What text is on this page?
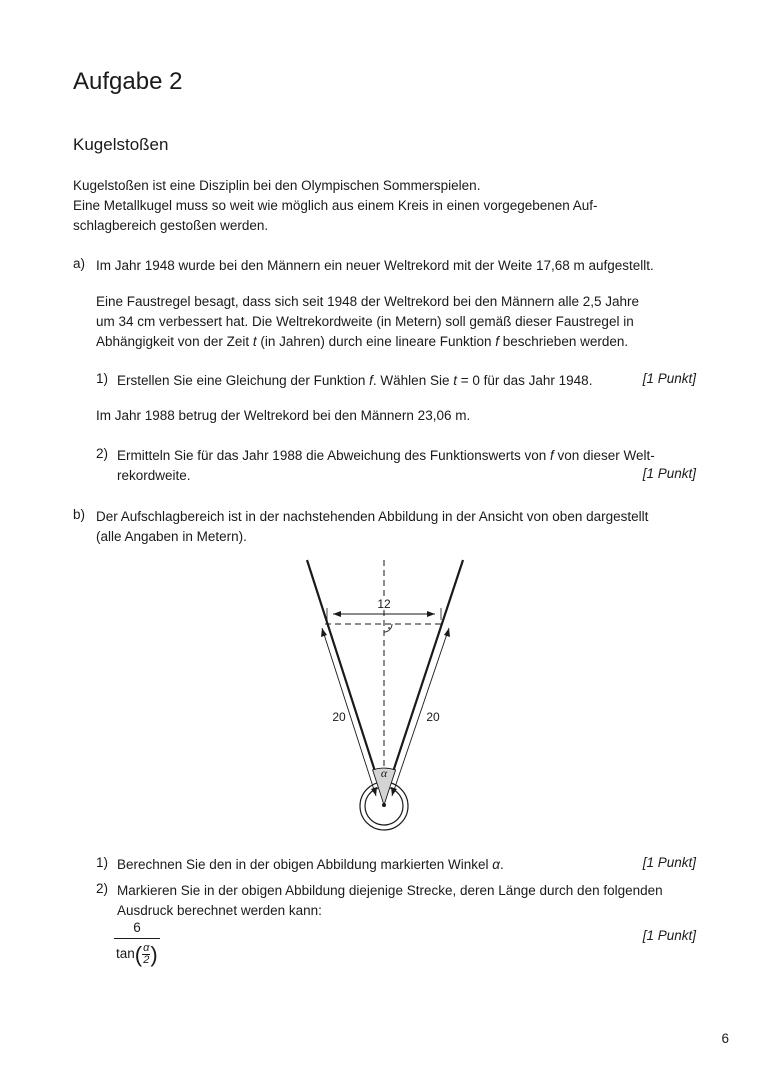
Aufgabe 2
Kugelstoßen
Kugelstoßen ist eine Disziplin bei den Olympischen Sommerspielen.
Eine Metallkugel muss so weit wie möglich aus einem Kreis in einen vorgegebenen Auf-
schlagbereich gestoßen werden.
a) Im Jahr 1948 wurde bei den Männern ein neuer Weltrekord mit der Weite 17,68 m aufgestellt.
Eine Faustregel besagt, dass sich seit 1948 der Weltrekord bei den Männern alle 2,5 Jahre
um 34 cm verbessert hat. Die Weltrekordweite (in Metern) soll gemäß dieser Faustregel in
Abhängigkeit von der Zeit t (in Jahren) durch eine lineare Funktion f beschrieben werden.
1) Erstellen Sie eine Gleichung der Funktion f. Wählen Sie t = 0 für das Jahr 1948.	[1 Punkt]
Im Jahr 1988 betrug der Weltrekord bei den Männern 23,06 m.
2) Ermitteln Sie für das Jahr 1988 die Abweichung des Funktionswerts von f von dieser Welt-
rekordweite.	[1 Punkt]
b) Der Aufschlagbereich ist in der nachstehenden Abbildung in der Ansicht von oben dargestellt
(alle Angaben in Metern).
12
20	20
α
1) Berechnen Sie den in der obigen Abbildung markierten Winkel α.	[1 Punkt]
2) Markieren Sie in der obigen Abbildung diejenige Strecke, deren Länge durch den folgenden
Ausdruck berechnet werden kann:
6
$\tan( \frac{\alpha}{2}$ )
[1 Punkt]
6
